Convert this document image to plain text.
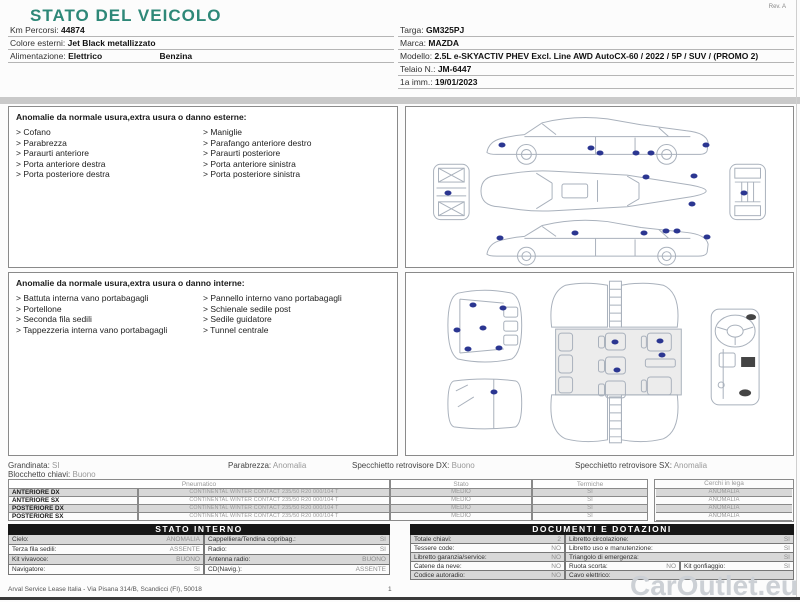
STATO DEL VEICOLO	Rev. A
Km Percorsi: 44874
Colore esterni: Jet Black metallizzato
Alimentazione: Elettrico	Benzina
Targa: GM325PJ
Marca: MAZDA
Modello: 2.5L e-SKYACTIV PHEV Excl. Line AWD AutoCX-60 / 2022 / 5P / SUV / (PROMO 2)
Telaio N.: JM-6447
1a imm.: 19/01/2023
Anomalie da normale usura,extra usura o danno esterne:
> Cofano
> Parabrezza
> Paraurti anteriore
> Porta anteriore destra
> Porta posteriore destra
> Maniglie
> Parafango anteriore destro
> Paraurti posteriore
> Porta anteriore sinistra
> Porta posteriore sinistra
Anomalie da normale usura,extra usura o danno interne:
> Battuta interna vano portabagagli
> Portellone
> Seconda fila sedili
> Tappezzeria interna vano portabagagli
> Pannello interno vano portabagagli
> Schienale sedile post
> Sedile guidatore
> Tunnel centrale
Grandinata: SI	Parabrezza: Anomalia	Specchietto retrovisore DX: Buono	Specchietto retrovisore SX: Anomalia
Blocchetto chiavi: Buono
Pneumatico	Stato	Termiche
ANTERIORE DX	CONTINENTAL WINTER CONTACT 235/50 R20 000/104 T	MEDIO	SI
ANTERIORE SX	CONTINENTAL WINTER CONTACT 235/50 R20 000/104 T	MEDIO	SI
POSTERIORE DX	CONTINENTAL WINTER CONTACT 235/50 R20 000/104 T	MEDIO	SI
POSTERIORE SX	CONTINENTAL WINTER CONTACT 235/50 R20 000/104 T	MEDIO	SI
Cerchi in lega
ANOMALIA
ANOMALIA
ANOMALIA
ANOMALIA
STATO INTERNO
Cielo:	ANOMALIA Cappelliera/Tendina copribag.:	SI
Terza fila sedili:	ASSENTE Radio:	SI
Kit vivavoce:	BUONO Antenna radio:	BUONO
Navigatore:	SI CD(Navig.):	ASSENTE
DOCUMENTI E DOTAZIONI
Totale chiavi:	2 Libretto circolazione:	SI
Tessere code:	NO Libretto uso e manutenzione:	SI
Libretto garanzia/service:	NO Triangolo di emergenza:	SI
Catene da neve:	NO Ruota scorta:	NO Kit gonfiaggio:	SI
Codice autoradio:	NO Cavo elettrico:
Arval Service Lease Italia - Via Pisana 314/B, Scandicci (FI), 50018	1	CarOutlet.eu
